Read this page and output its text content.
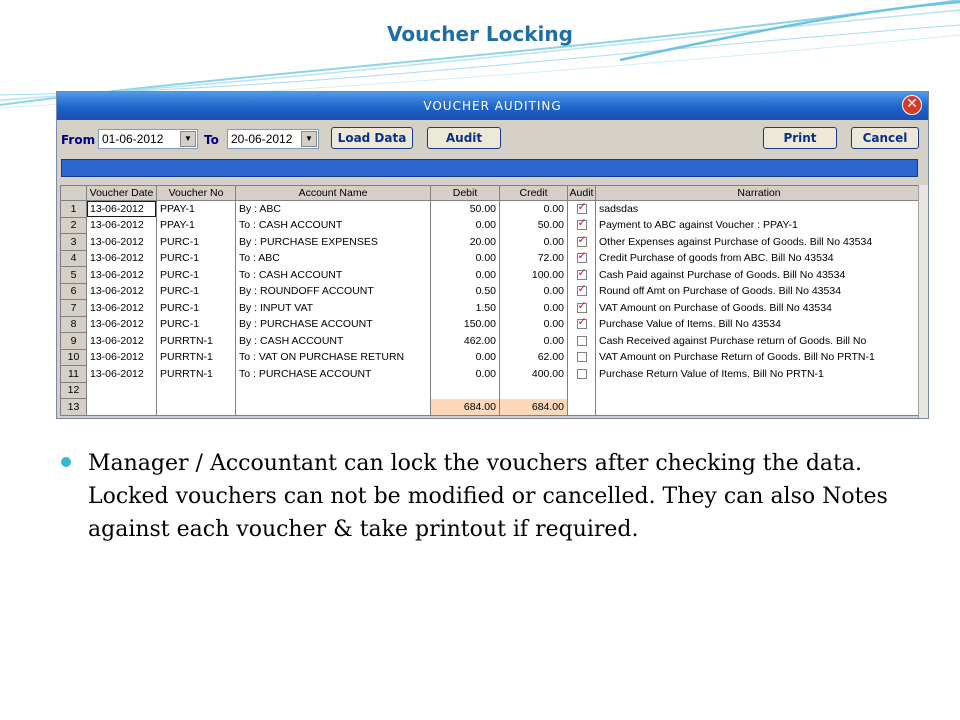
Voucher Locking
VOUCHER AUDITING	✕
From 01-06-2012	▼	To 20-06-2012	▼	Load Data	Audit	Print	Cancel
	Voucher Date	Voucher No	Account Name	Debit	Credit	Audit	Narration
1	13-06-2012	PPAY-1	By : ABC	50.00	0.00	✓	sadsdas
2	13-06-2012	PPAY-1	To : CASH ACCOUNT	0.00	50.00	✓	Payment to ABC against Voucher : PPAY-1
3	13-06-2012	PURC-1	By : PURCHASE EXPENSES	20.00	0.00	✓	Other Expenses against Purchase of Goods. Bill No 43534
4	13-06-2012	PURC-1	To : ABC	0.00	72.00	✓	Credit Purchase of goods from ABC. Bill No 43534
5	13-06-2012	PURC-1	To : CASH ACCOUNT	0.00	100.00	✓	Cash Paid against Purchase of Goods. Bill No 43534
6	13-06-2012	PURC-1	By : ROUNDOFF ACCOUNT	0.50	0.00	✓	Round off Amt on Purchase of Goods. Bill No 43534
7	13-06-2012	PURC-1	By : INPUT VAT	1.50	0.00	✓	VAT Amount on Purchase of Goods. Bill No 43534
8	13-06-2012	PURC-1	By : PURCHASE ACCOUNT	150.00	0.00	✓	Purchase Value of Items. Bill No 43534
9	13-06-2012	PURRTN-1	By : CASH ACCOUNT	462.00	0.00		Cash Received against Purchase return of Goods. Bill No
10	13-06-2012	PURRTN-1	To : VAT ON PURCHASE RETURN	0.00	62.00		VAT Amount on Purchase Return of Goods. Bill No PRTN-1
11	13-06-2012	PURRTN-1	To : PURCHASE ACCOUNT	0.00	400.00		Purchase Return Value of Items. Bill No PRTN-1
12							
13				684.00	684.00		
Manager / Accountant can lock the vouchers after checking the data. Locked vouchers can not be modified or cancelled. They can also Notes against each voucher & take printout if required.
